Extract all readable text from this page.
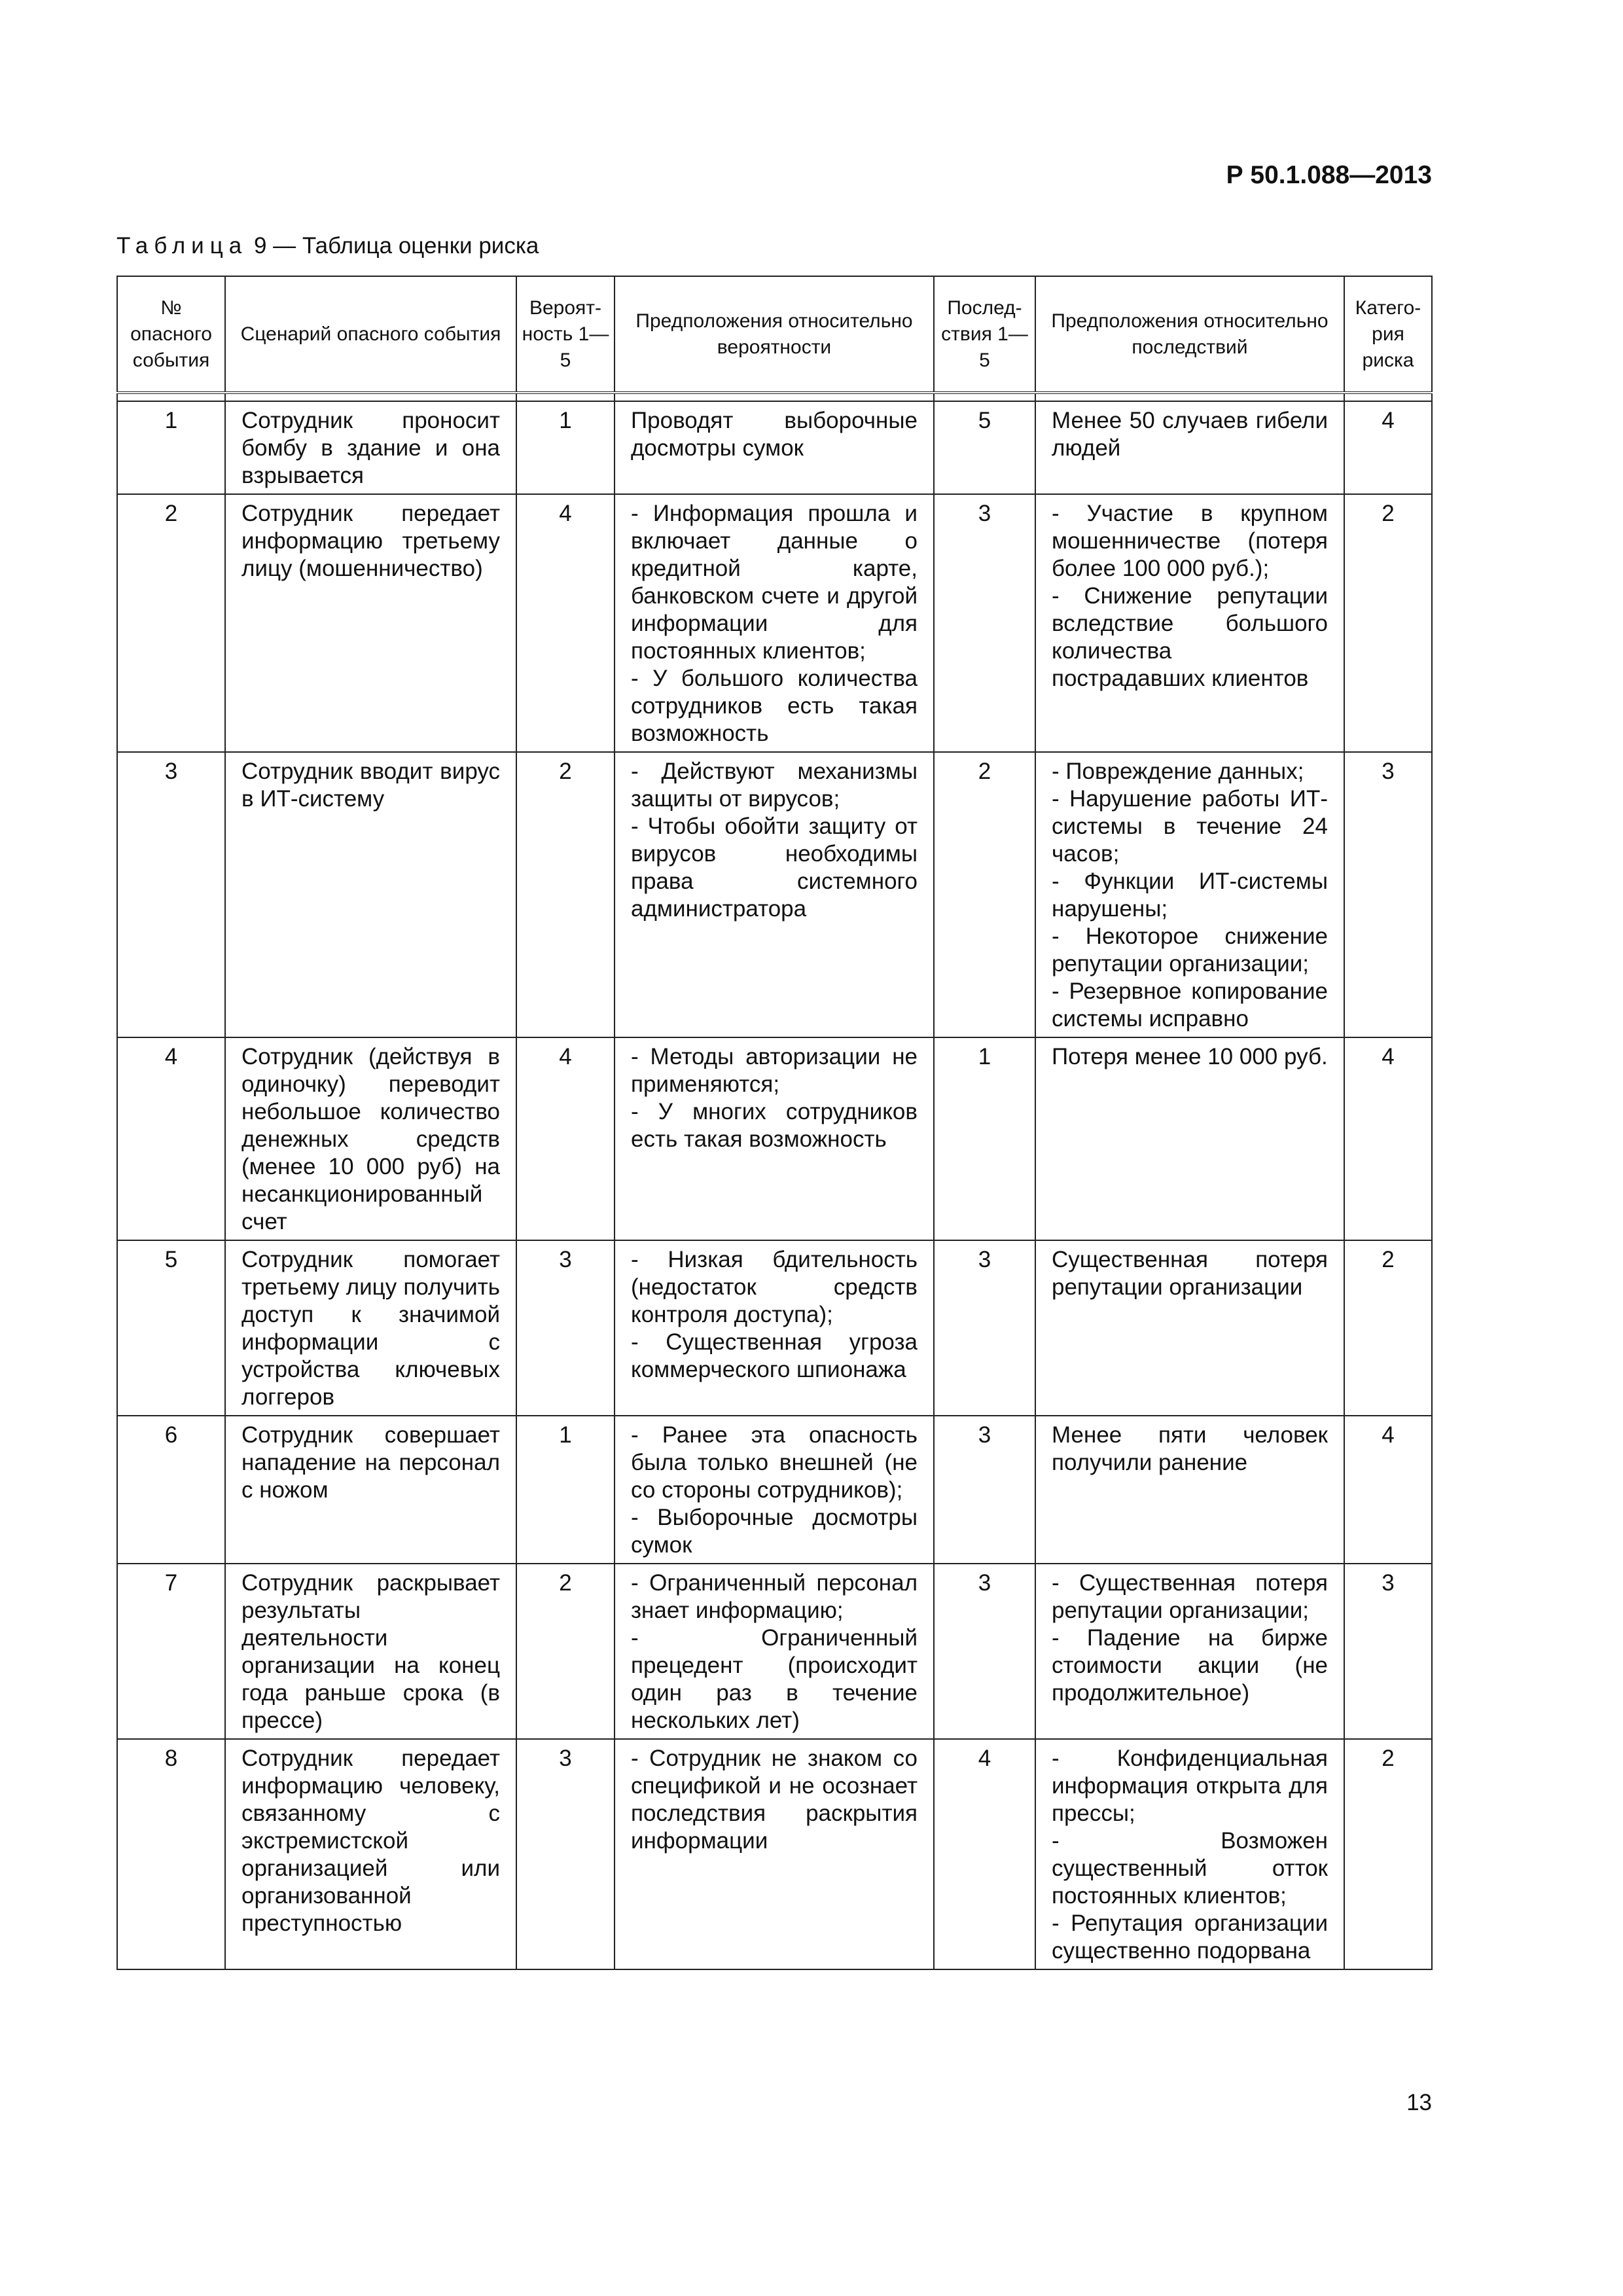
Р 50.1.088—2013
Таблица 9 — Таблица оценки риска
№ опасного события	Сценарий опасного события	Вероят-ность 1—5	Предположения относительно вероятности	Послед-ствия 1—5	Предположения относительно последствий	Катего-рия риска

1	Сотрудник проносит бомбу в здание и она взрывается	1	Проводят выборочные досмотры сумок	5	Менее 50 случаев гибели людей	4
2	Сотрудник передает информацию третьему лицу (мошенничество)	4	- Информация прошла и включает данные о кредитной карте, банковском счете и другой информации для постоянных клиентов;
- У большого количества сотрудников есть такая возможность	3	- Участие в крупном мошенничестве (потеря более 100 000 руб.);
- Снижение репутации вследствие большого количества пострадавших клиентов	2
3	Сотрудник вводит вирус в ИТ-систему	2	- Действуют механизмы защиты от вирусов;
- Чтобы обойти защиту от вирусов необходимы права системного администратора	2	- Повреждение данных;
- Нарушение работы ИТ-системы в течение 24 часов;
- Функции ИТ-системы нарушены;
- Некоторое снижение репутации организации;
- Резервное копирование системы исправно	3
4	Сотрудник (действуя в одиночку) переводит небольшое количество денежных средств (менее 10 000 руб) на несанкционированный счет	4	- Методы авторизации не применяются;
- У многих сотрудников есть такая возможность	1	Потеря менее 10 000 руб.	4
5	Сотрудник помогает третьему лицу получить доступ к значимой информации с устройства ключевых логгеров	3	- Низкая бдительность (недостаток средств контроля доступа);
- Существенная угроза коммерческого шпионажа	3	Существенная потеря репутации организации	2
6	Сотрудник совершает нападение на персонал с ножом	1	- Ранее эта опасность была только внешней (не со стороны сотрудников);
- Выборочные досмотры сумок	3	Менее пяти человек получили ранение	4
7	Сотрудник раскрывает результаты деятельности организации на конец года раньше срока (в прессе)	2	- Ограниченный персонал знает информацию;
- Ограниченный прецедент (происходит один раз в течение нескольких лет)	3	- Существенная потеря репутации организации;
- Падение на бирже стоимости акции (не продолжительное)	3
8	Сотрудник передает информацию человеку, связанному с экстремистской организацией или организованной преступностью	3	- Сотрудник не знаком со спецификой и не осознает последствия раскрытия информации	4	- Конфиденциальная информация открыта для прессы;
- Возможен существенный отток постоянных клиентов;
- Репутация организации существенно подорвана	2
13
